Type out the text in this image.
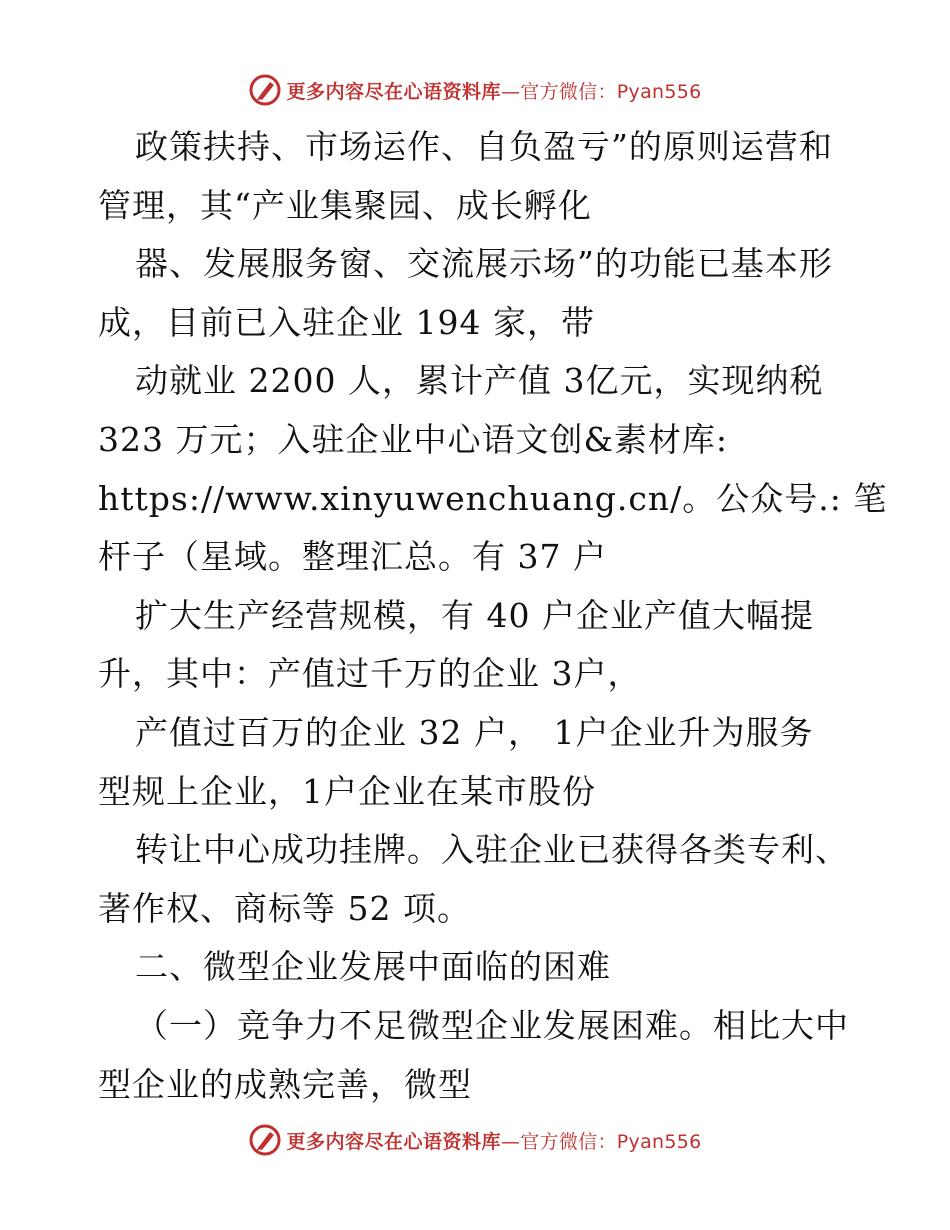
更多内容尽在心语资料库 —官方微信：Pyan556

政策扶持、市场运作、自负盈亏”的原则运营和

管理，其“产业集聚园、成长孵化

器、发展服务窗、交流展示场”的功能已基本形

成，目前已入驻企业 194 家，带

动就业 2200 人，累计产值 3亿元，实现纳税

323 万元；入驻企业中心语文创&素材库:

https://www.xinyuwenchuang.cn/。公众号.: 笔

杆子（星域。整理汇总。有 37 户

扩大生产经营规模，有 40 户企业产值大幅提

升，其中：产值过千万的企业 3户，

产值过百万的企业 32 户， 1户企业升为服务

型规上企业，1户企业在某市股份

转让中心成功挂牌。入驻企业已获得各类专利、

著作权、商标等 52 项。

二、微型企业发展中面临的困难

（一）竞争力不足微型企业发展困难。相比大中

型企业的成熟完善，微型

更多内容尽在心语资料库 —官方微信：Pyan556
